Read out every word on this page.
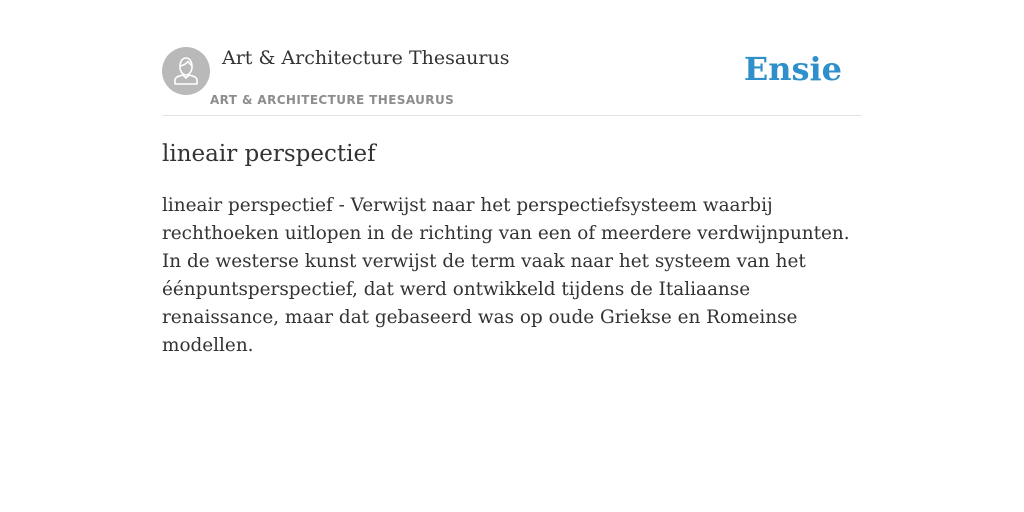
Art & Architecture Thesaurus
ART & ARCHITECTURE THESAURUS
Ensie
lineair perspectief

lineair perspectief - Verwijst naar het perspectiefsysteem waarbij rechthoeken uitlopen in de richting van een of meerdere verdwijnpunten. In de westerse kunst verwijst de term vaak naar het systeem van het éénpuntsperspectief, dat werd ontwikkeld tijdens de Italiaanse renaissance, maar dat gebaseerd was op oude Griekse en Romeinse modellen.
